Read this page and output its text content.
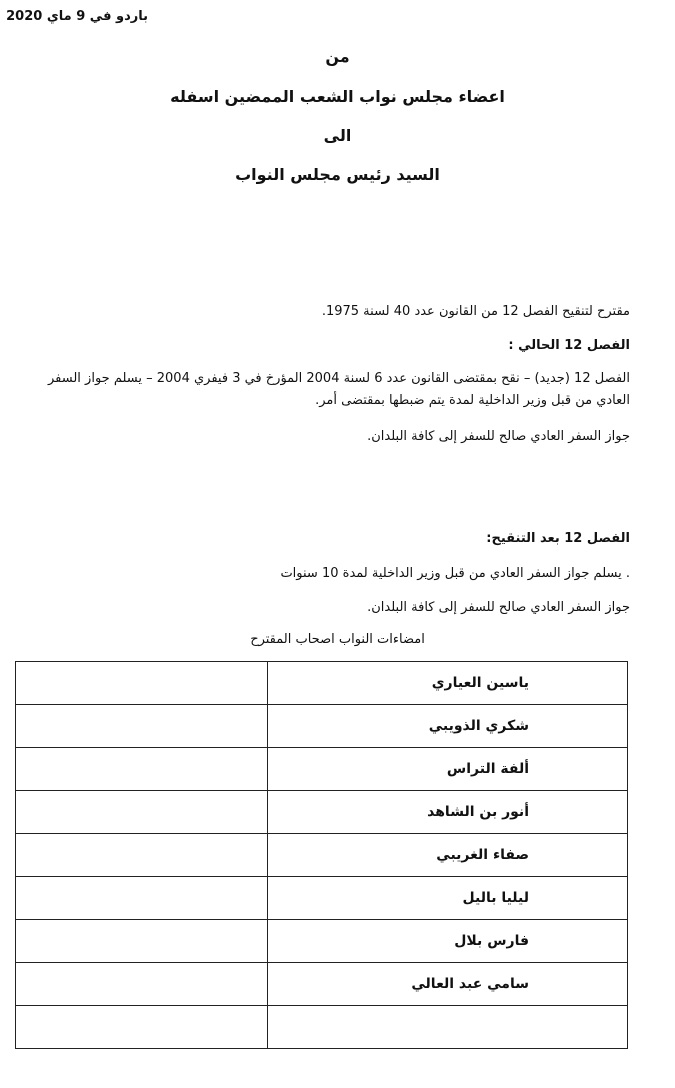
باردو في 9 ماي 2020
من
اعضاء مجلس نواب الشعب الممضين اسفله
الى
السيد رئيس مجلس النواب
مقترح لتنقيح الفصل 12 من القانون عدد 40 لسنة 1975.
الفصل 12 الحالي :
الفصل 12 (جديد) – نقح بمقتضى القانون عدد 6 لسنة 2004 المؤرخ في 3 فيفري 2004 – يسلم جواز السفر العادي من قبل وزير الداخلية لمدة يتم ضبطها بمقتضى أمر.
جواز السفر العادي صالح للسفر إلى كافة البلدان.
الفصل 12 بعد التنقيح:
. يسلم جواز السفر العادي من قبل وزير الداخلية لمدة 10 سنوات
جواز السفر العادي صالح للسفر إلى كافة البلدان.
امضاءات النواب اصحاب المقترح
ياسين العياري	
شكري الذويبي	
ألفة التراس	
أنور بن الشاهد	
صفاء الغريبي	
ليليا باليل	
فارس بلال	
سامي عبد العالي	
